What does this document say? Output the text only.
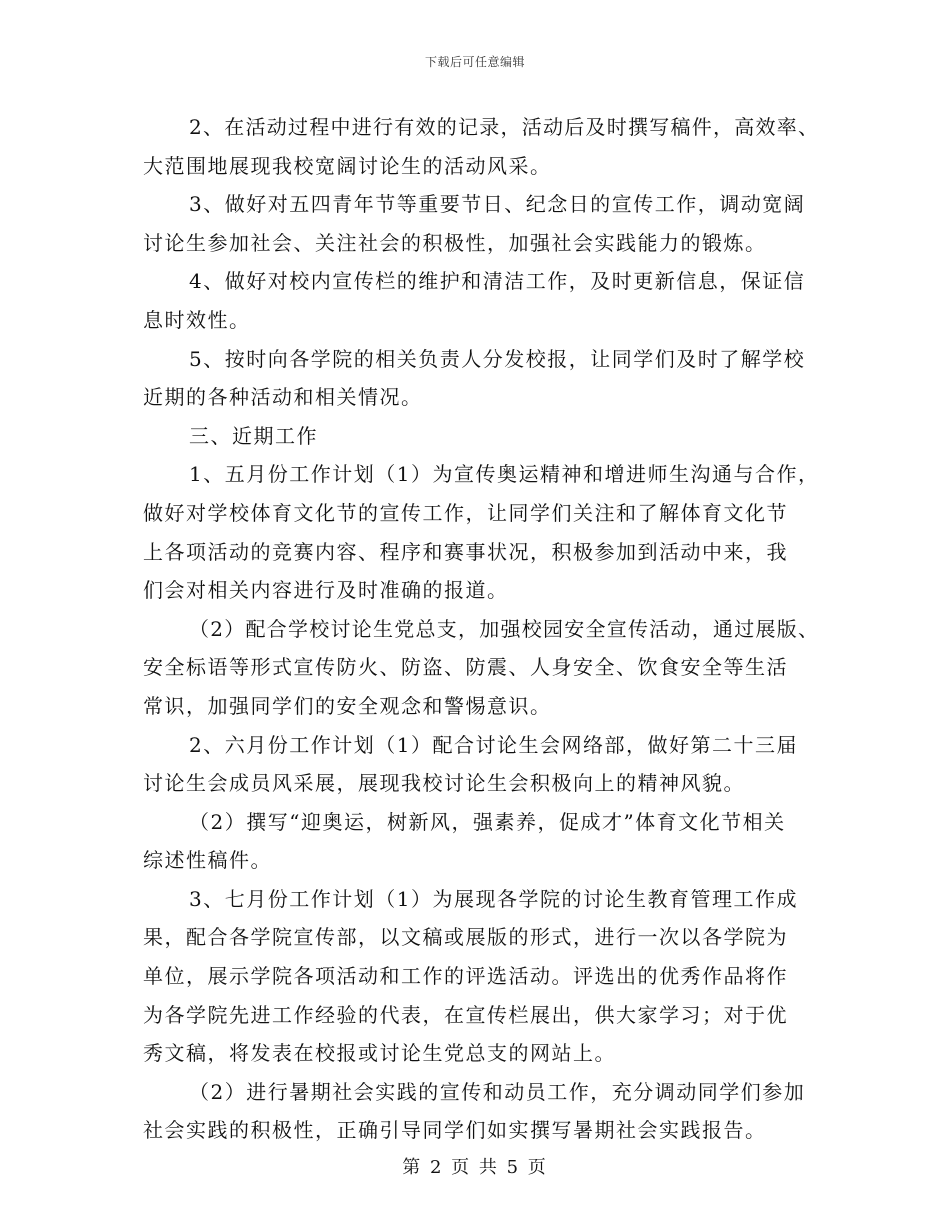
下载后可任意编辑
2、在活动过程中进行有效的记录，活动后及时撰写稿件，高效率、
大范围地展现我校宽阔讨论生的活动风采。
3、做好对五四青年节等重要节日、纪念日的宣传工作，调动宽阔
讨论生参加社会、关注社会的积极性，加强社会实践能力的锻炼。
4、做好对校内宣传栏的维护和清洁工作，及时更新信息，保证信
息时效性。
5、按时向各学院的相关负责人分发校报，让同学们及时了解学校
近期的各种活动和相关情况。
三、近期工作
1、五月份工作计划（1）为宣传奥运精神和增进师生沟通与合作，
做好对学校体育文化节的宣传工作，让同学们关注和了解体育文化节
上各项活动的竞赛内容、程序和赛事状况，积极参加到活动中来，我
们会对相关内容进行及时准确的报道。
（2）配合学校讨论生党总支，加强校园安全宣传活动，通过展版、
安全标语等形式宣传防火、防盗、防震、人身安全、饮食安全等生活
常识，加强同学们的安全观念和警惕意识。
2、六月份工作计划（1）配合讨论生会网络部，做好第二十三届
讨论生会成员风采展，展现我校讨论生会积极向上的精神风貌。
（2）撰写“迎奥运，树新风，强素养，促成才”体育文化节相关
综述性稿件。
3、七月份工作计划（1）为展现各学院的讨论生教育管理工作成
果，配合各学院宣传部，以文稿或展版的形式，进行一次以各学院为
单位，展示学院各项活动和工作的评选活动。评选出的优秀作品将作
为各学院先进工作经验的代表，在宣传栏展出，供大家学习；对于优
秀文稿，将发表在校报或讨论生党总支的网站上。
（2）进行暑期社会实践的宣传和动员工作，充分调动同学们参加
社会实践的积极性，正确引导同学们如实撰写暑期社会实践报告。
第 2 页 共 5 页
